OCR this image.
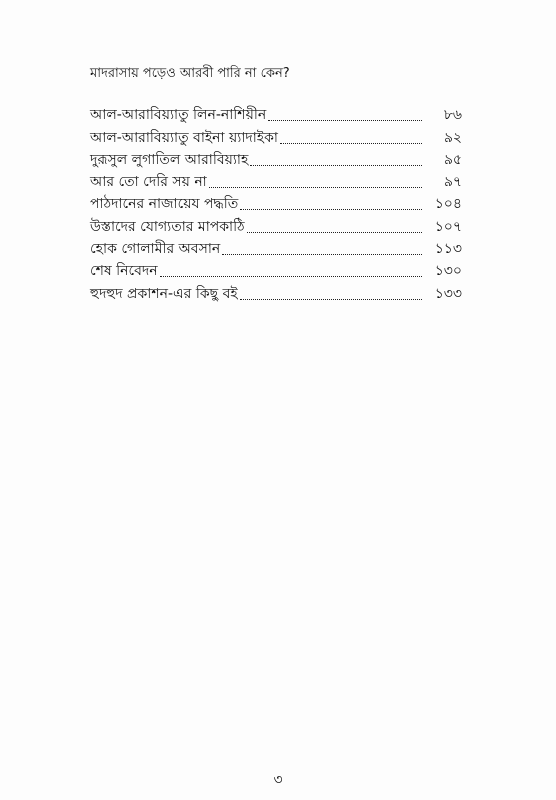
মাদরাসায় পড়েও আরবী পারি না কেন?
আল-আরাবিয়্যাতু লিন-নাশিয়ীন	৮৬
আল-আরাবিয়্যাতু বাইনা য়্যাদাইকা	৯২
দুরূসুল লুগাতিল আরাবিয়্যাহ	৯৫
আর তো দেরি সয় না	৯৭
পাঠদানের নাজায়েয পদ্ধতি	১০৪
উস্তাদের যোগ্যতার মাপকাঠি	১০৭
হোক গোলামীর অবসান	১১৩
শেষ নিবেদন	১৩০
হুদহুদ প্রকাশন-এর কিছু বই	১৩৩
৩
